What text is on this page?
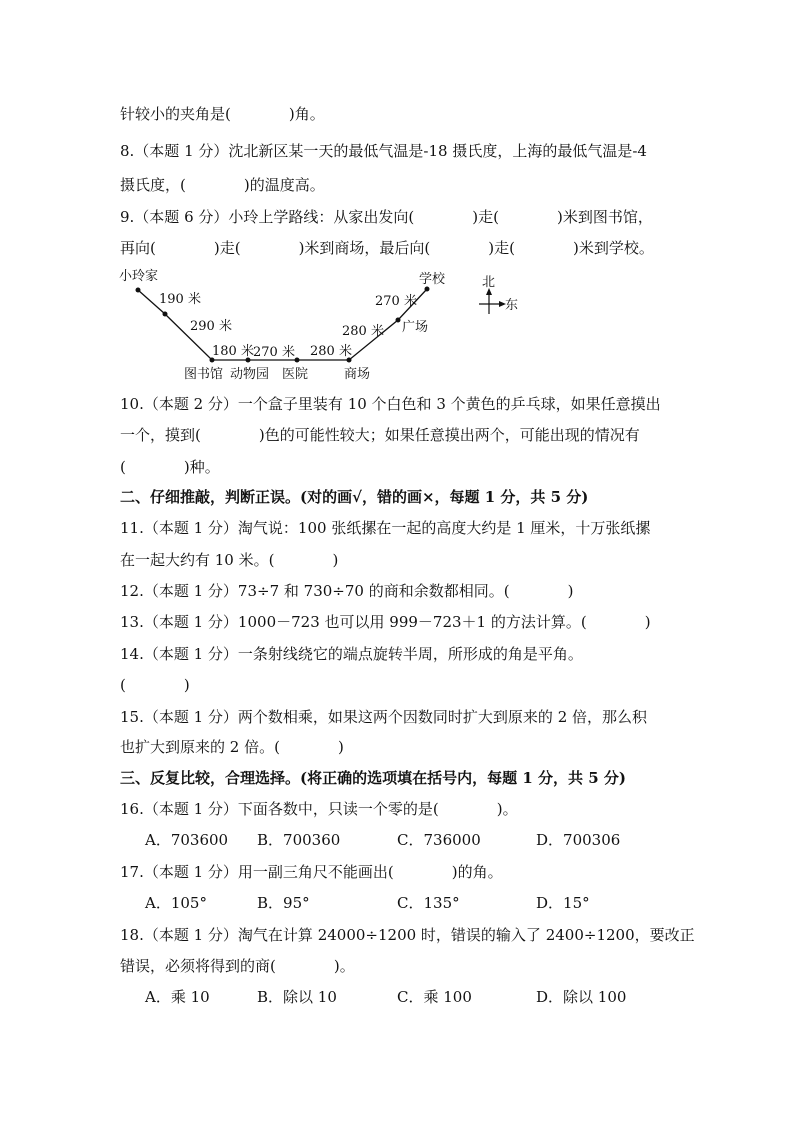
针较小的夹角是(	)角。
8.（本题 1 分）沈北新区某一天的最低气温是-18 摄氏度，上海的最低气温是-4
摄氏度，(	)的温度高。
9.（本题 6 分）小玲上学路线：从家出发向(	)走(	)米到图书馆，
再向(	)走(	)米到商场，最后向(	)走(	)米到学校。
小玲家
190 米
290 米
180 米 270 米 280 米
280 米
270 米
学校
广场
图书馆 动物园 医院	商场
北
东
10.（本题 2 分）一个盒子里装有 10 个白色和 3 个黄色的乒乓球，如果任意摸出
一个，摸到(	)色的可能性较大；如果任意摸出两个，可能出现的情况有
(	)种。
二、仔细推敲，判断正误。(对的画√，错的画×，每题 1 分，共 5 分)
11.（本题 1 分）淘气说：100 张纸摞在一起的高度大约是 1 厘米，十万张纸摞
在一起大约有 10 米。(	)
12.（本题 1 分）73÷7 和 730÷70 的商和余数都相同。(	)
13.（本题 1 分）1000－723 也可以用 999－723＋1 的方法计算。(	)
14.（本题 1 分）一条射线绕它的端点旋转半周，所形成的角是平角。
(	)
15.（本题 1 分）两个数相乘，如果这两个因数同时扩大到原来的 2 倍，那么积
也扩大到原来的 2 倍。(	)
三、反复比较，合理选择。(将正确的选项填在括号内，每题 1 分，共 5 分)
16.（本题 1 分）下面各数中，只读一个零的是(	)。
A．703600 B．700360	C．736000	D．700306
17.（本题 1 分）用一副三角尺不能画出(	)的角。
A．105°	B．95°	C．135°	D．15°
18.（本题 1 分）淘气在计算 24000÷1200 时，错误的输入了 2400÷1200，要改正
错误，必须将得到的商(	)。
A．乘 10	B．除以 10	C．乘 100	D．除以 100
